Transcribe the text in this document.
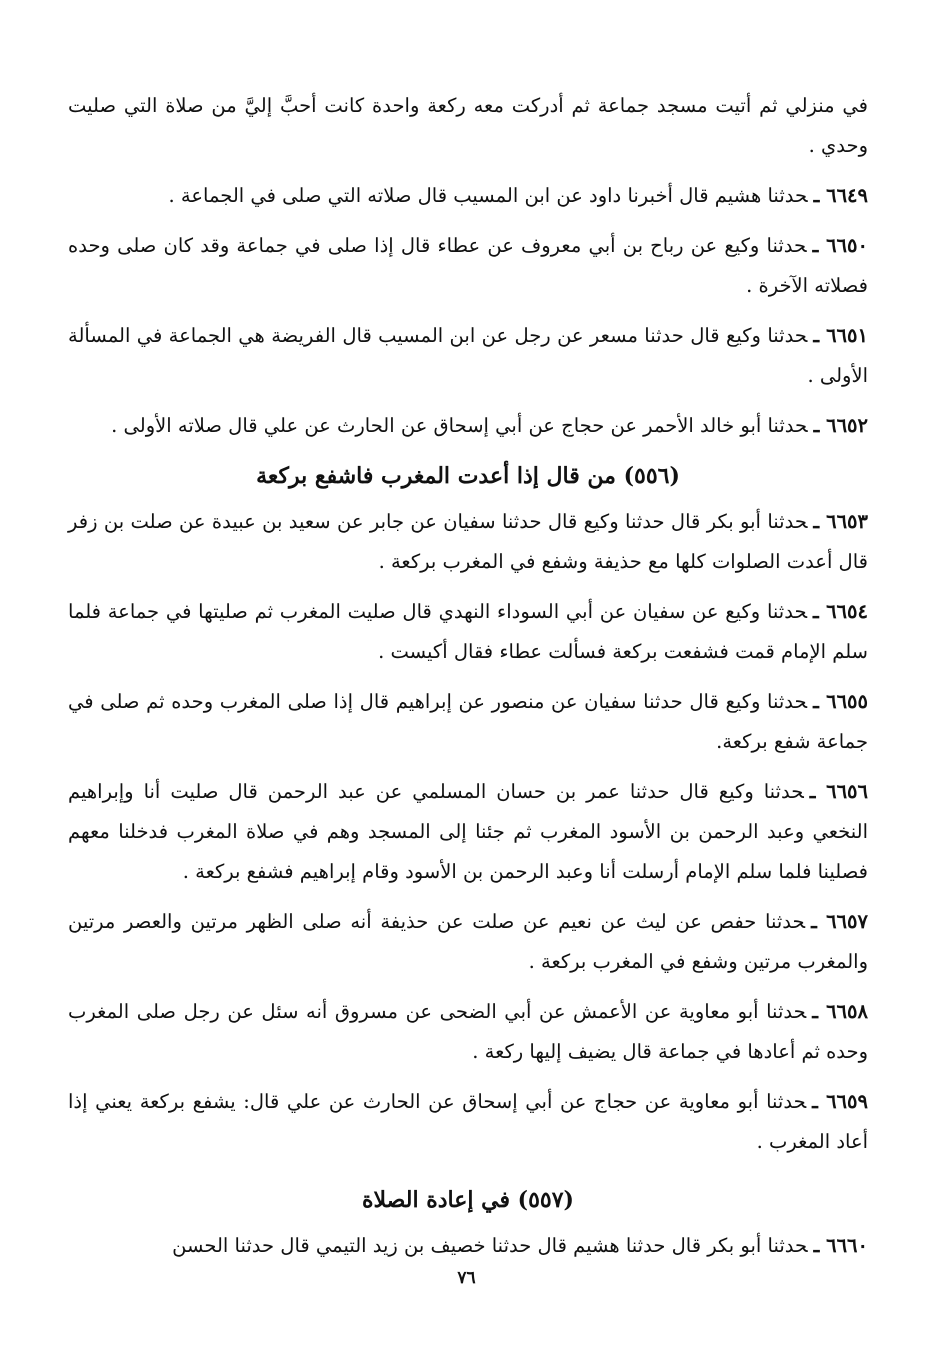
في منزلي ثم أتيت مسجد جماعة ثم أدركت معه ركعة واحدة كانت أحبَّ إليَّ من صلاة التي صليت وحدي .

٦٦٤٩ ـحدثنا هشيم قال أخبرنا داود عن ابن المسيب قال صلاته التي صلى في الجماعة .

٦٦٥٠ ـحدثنا وكيع عن رباح بن أبي معروف عن عطاء قال إذا صلى في جماعة وقد كان صلى وحده فصلاته الآخرة .

٦٦٥١ ـحدثنا وكيع قال حدثنا مسعر عن رجل عن ابن المسيب قال الفريضة هي الجماعة في المسألة الأولى .

٦٦٥٢ ـحدثنا أبو خالد الأحمر عن حجاج عن أبي إسحاق عن الحارث عن علي قال صلاته الأولى .

(٥٥٦) من قال إذا أعدت المغرب فاشفع بركعة

٦٦٥٣ ـحدثنا أبو بكر قال حدثنا وكيع قال حدثنا سفيان عن جابر عن سعيد بن عبيدة عن صلت بن زفر قال أعدت الصلوات كلها مع حذيفة وشفع في المغرب بركعة .

٦٦٥٤ ـحدثنا وكيع عن سفيان عن أبي السوداء النهدي قال صليت المغرب ثم صليتها في جماعة فلما سلم الإمام قمت فشفعت بركعة فسألت عطاء فقال أكيست .

٦٦٥٥ ـحدثنا وكيع قال حدثنا سفيان عن منصور عن إبراهيم قال إذا صلى المغرب وحده ثم صلى في جماعة شفع بركعة.

٦٦٥٦ ـحدثنا وكيع قال حدثنا عمر بن حسان المسلمي عن عبد الرحمن قال صليت أنا وإبراهيم النخعي وعبد الرحمن بن الأسود المغرب ثم جئنا إلى المسجد وهم في صلاة المغرب فدخلنا معهم فصلينا فلما سلم الإمام أرسلت أنا وعبد الرحمن بن الأسود وقام إبراهيم فشفع بركعة .

٦٦٥٧ ـحدثنا حفص عن ليث عن نعيم عن صلت عن حذيفة أنه صلى الظهر مرتين والعصر مرتين والمغرب مرتين وشفع في المغرب بركعة .

٦٦٥٨ ـحدثنا أبو معاوية عن الأعمش عن أبي الضحى عن مسروق أنه سئل عن رجل صلى المغرب وحده ثم أعادها في جماعة قال يضيف إليها ركعة .

٦٦٥٩ ـحدثنا أبو معاوية عن حجاج عن أبي إسحاق عن الحارث عن علي قال: يشفع بركعة يعني إذا أعاد المغرب .

(٥٥٧) في إعادة الصلاة

٦٦٦٠ ـحدثنا أبو بكر قال حدثنا هشيم قال حدثنا خصيف بن زيد التيمي قال حدثنا الحسن

٧٦
